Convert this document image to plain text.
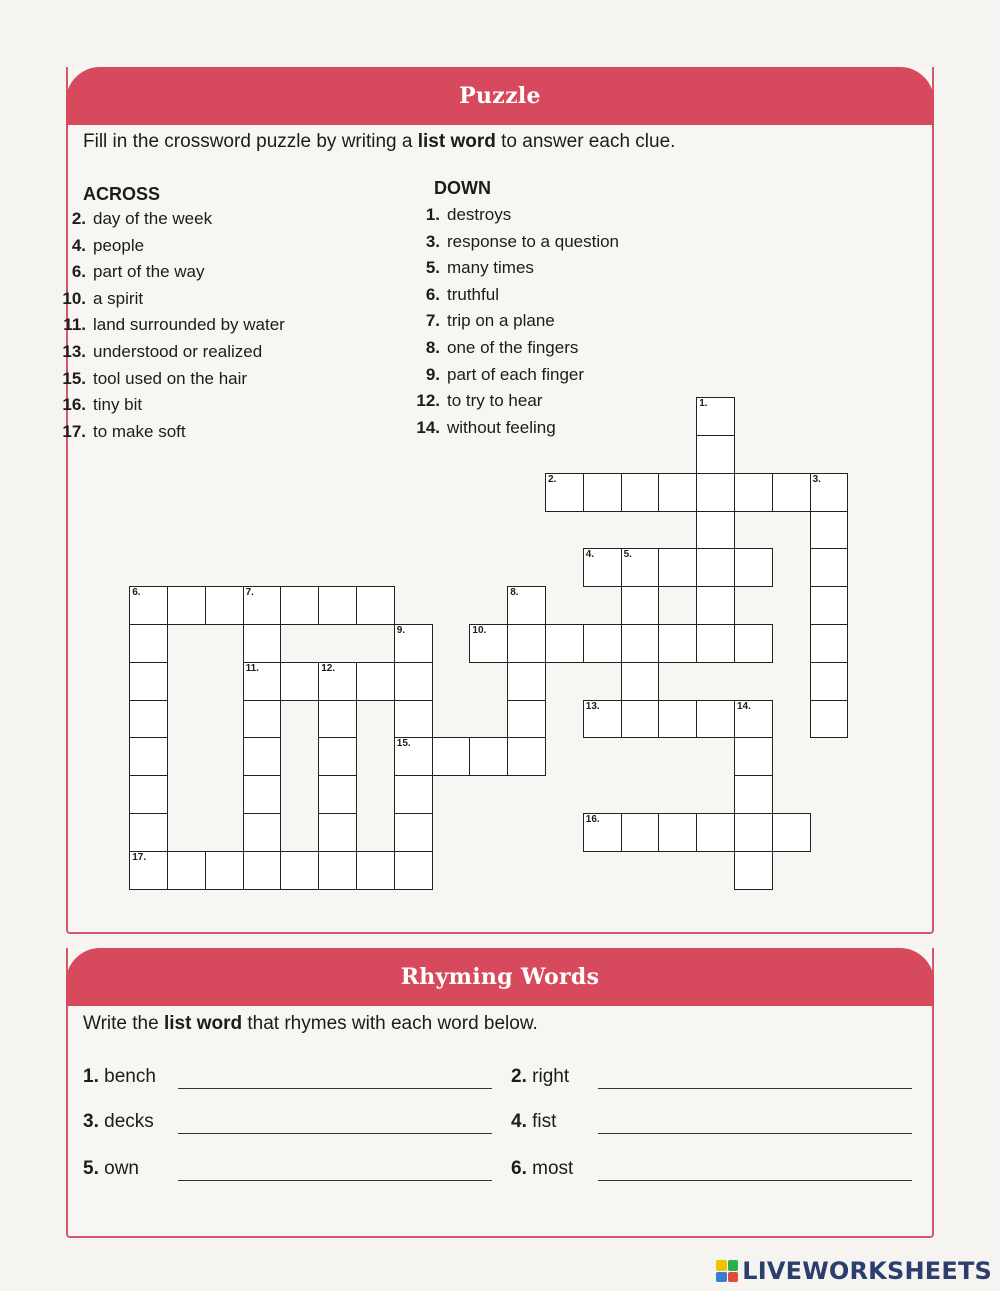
Puzzle
Fill in the crossword puzzle by writing a list word to answer each clue.
ACROSS	DOWN
2. day of the week
4. people
6. part of the way
10. a spirit
11. land surrounded by water
13. understood or realized
15. tool used on the hair
16. tiny bit
17. to make soft
1. destroys
3. response to a question
5. many times
6. truthful
7. trip on a plane
8. one of the fingers
9. part of each finger
12. to try to hear
14. without feeling
1.
2.	3.
4.	5.
6.	7.
11.
8.
9.
15.
10.
12.
13.	14.
16.
17.
Rhyming Words
Write the list word that rhymes with each word below.
1. bench	2. right
3. decks	4. fist
5. own	6. most
LIVEWORKSHEETS
